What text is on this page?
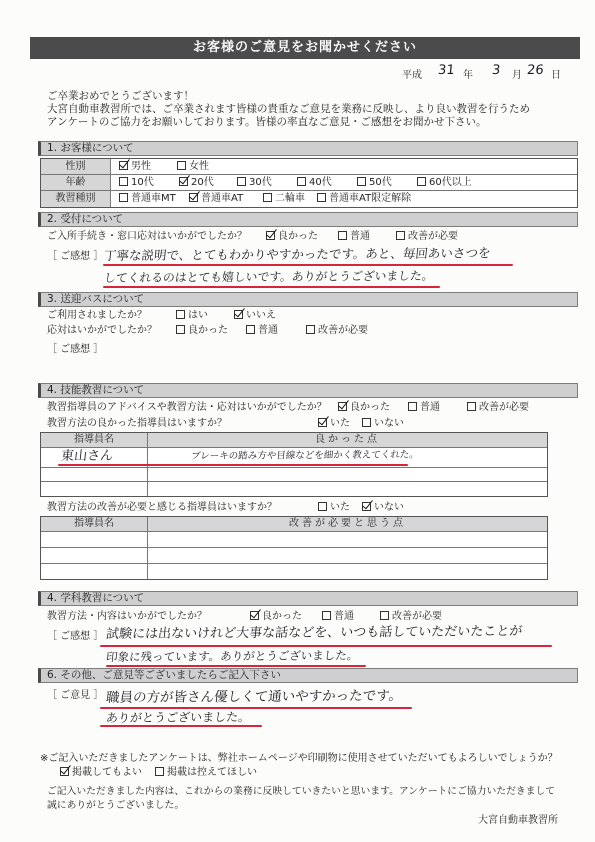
お客様のご意見をお聞かせください
平成 31 年 3 月 26 日
ご卒業おめでとうございます！
大宮自動車教習所では、ご卒業されます皆様の貴重なご意見を業務に反映し、より良い教習を行うため
アンケートのご協力をお願いしております。皆様の率直なご意見・ご感想をお聞かせ下さい。
1. お客様について
性別	男性	女性
年齢	10代	20代	30代	40代	50代	60代以上
教習種別	普通車MT	普通車AT	二輪車	普通車AT限定解除
2. 受付について
ご入所手続き・窓口応対はいかがでしたか？	良かった	普通	改善が必要
［ ご感想 ］ 丁寧な説明で、とてもわかりやすかったです。あと、毎回あいさつを
してくれるのはとても嬉しいです。ありがとうございました。
3. 送迎バスについて
ご利用されましたか？	はい	いいえ
応対はいかがでしたか？	良かった	普通	改善が必要
［ ご感想 ］
4. 技能教習について
教習指導員のアドバイスや教習方法・応対はいかがでしたか？	良かった	普通	改善が必要
教習方法の良かった指導員はいますか？	いた	いない
指導員名	良かった点
東山さん	ブレーキの踏み方や目線などを細かく教えてくれた。
教習方法の改善が必要と感じる指導員はいますか？	いた	いない
指導員名	改善が必要と思う点
4. 学科教習について
教習方法・内容はいかがでしたか？	良かった	普通	改善が必要
［ ご感想 ］ 試験には出ないけれど大事な話などを、いつも話していただいたことが
印象に残っています。ありがとうございました。
6. その他、ご意見等ございましたらご記入下さい
［ ご意見 ］ 職員の方が皆さん優しくて通いやすかったです。
ありがとうございました。
※ご記入いただきましたアンケートは、弊社ホームページや印刷物に使用させていただいてもよろしいでしょうか？
掲載してもよい	掲載は控えてほしい
ご記入いただきました内容は、これからの業務に反映していきたいと思います。アンケートにご協力いただきまして
誠にありがとうございました。
大宮自動車教習所
